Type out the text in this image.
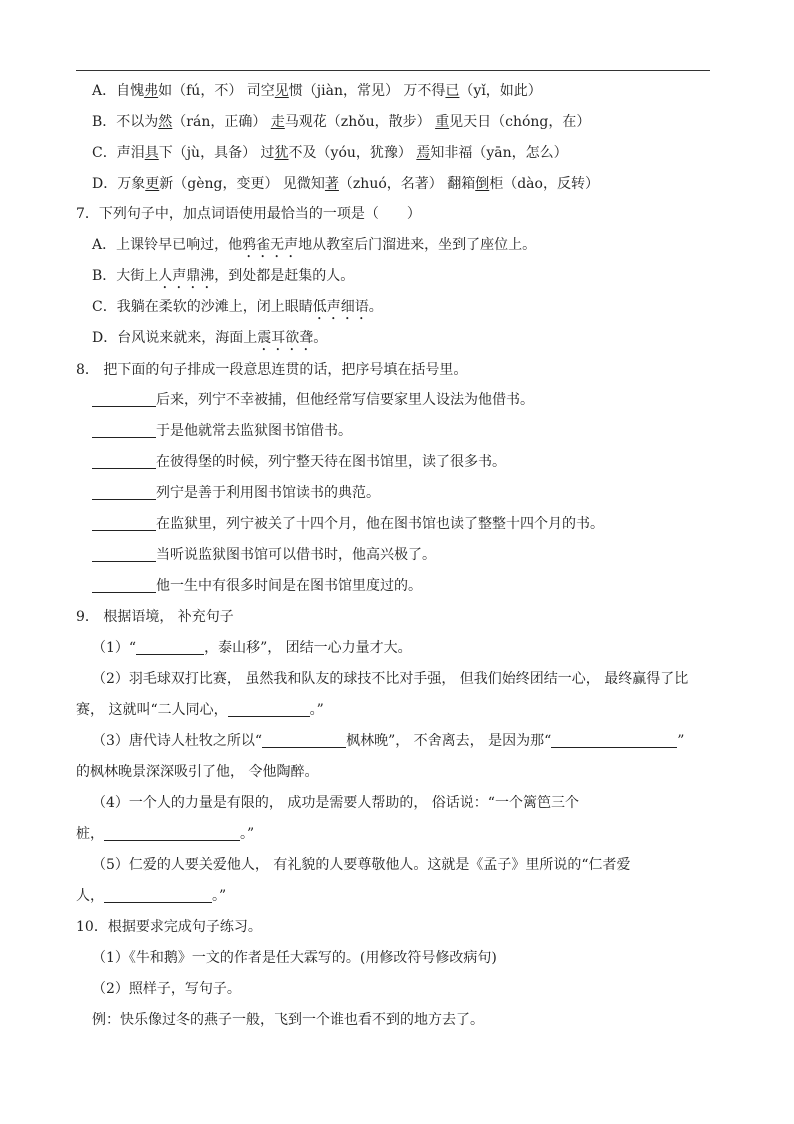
A．自愧弗如（fú，不） 司空见惯（jiàn，常见） 万不得已（yǐ，如此）
B．不以为然（rán，正确） 走马观花（zhǒu，散步） 重见天日（chóng，在）
C．声泪具下（jù，具备） 过犹不及（yóu，犹豫） 焉知非福（yān，怎么）
D．万象更新（gèng，变更） 见微知著（zhuó，名著） 翻箱倒柜（dào，反转）
7．下列句子中，加点词语使用最恰当的一项是（　　）
A．上课铃早已响过，他鸦雀无声地从教室后门溜进来，坐到了座位上。
B．大街上人声鼎沸，到处都是赶集的人。
C．我躺在柔软的沙滩上，闭上眼睛低声细语。
D．台风说来就来，海面上震耳欲聋。
8． 把下面的句子排成一段意思连贯的话，把序号填在括号里。
后来，列宁不幸被捕，但他经常写信要家里人设法为他借书。
于是他就常去监狱图书馆借书。
在彼得堡的时候，列宁整天待在图书馆里，读了很多书。
列宁是善于利用图书馆读书的典范。
在监狱里，列宁被关了十四个月，他在图书馆也读了整整十四个月的书。
当听说监狱图书馆可以借书时，他高兴极了。
他一生中有很多时间是在图书馆里度过的。
9． 根据语境， 补充句子
（1）“	，泰山移”， 团结一心力量才大。
（2）羽毛球双打比赛， 虽然我和队友的球技不比对手强， 但我们始终团结一心， 最终赢得了比
赛， 这就叫“二人同心，	。”
（3）唐代诗人杜牧之所以“	枫林晚”， 不舍离去， 是因为那“	”
的枫林晚景深深吸引了他， 令他陶醉。
（4）一个人的力量是有限的， 成功是需要人帮助的， 俗话说：“一个篱笆三个
桩，	。”
（5）仁爱的人要关爱他人， 有礼貌的人要尊敬他人。这就是《孟子》里所说的“仁者爱
人，	。”
10．根据要求完成句子练习。
（1）《牛和鹅》一文的作者是任大霖写的。(用修改符号修改病句)
（2）照样子，写句子。
例：快乐像过冬的燕子一般，飞到一个谁也看不到的地方去了。
